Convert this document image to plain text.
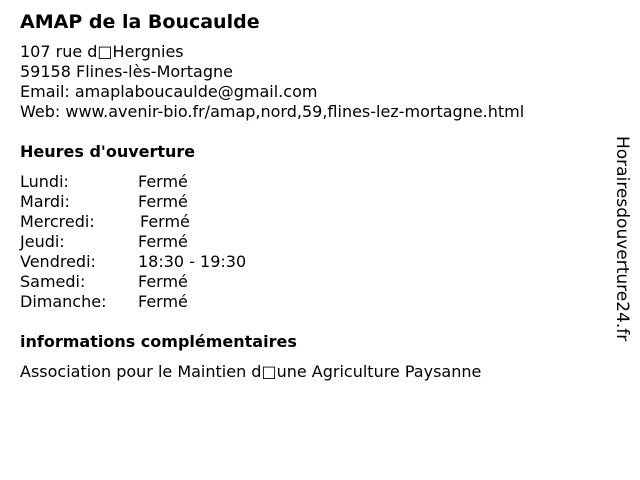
AMAP de la Boucaulde
107 rue d□Hergnies
59158 Flines-lès-Mortagne
Email: amaplaboucaulde@gmail.com
Web: www.avenir-bio.fr/amap,nord,59,flines-lez-mortagne.html
Heures d'ouverture
Lundi:	Fermé
Mardi:	Fermé
Mercredi:	Fermé
Jeudi:	Fermé
Vendredi:	18:30 - 19:30
Samedi:	Fermé
Dimanche:	Fermé
informations complémentaires
Association pour le Maintien d□une Agriculture Paysanne
Horairesdouverture24.fr
